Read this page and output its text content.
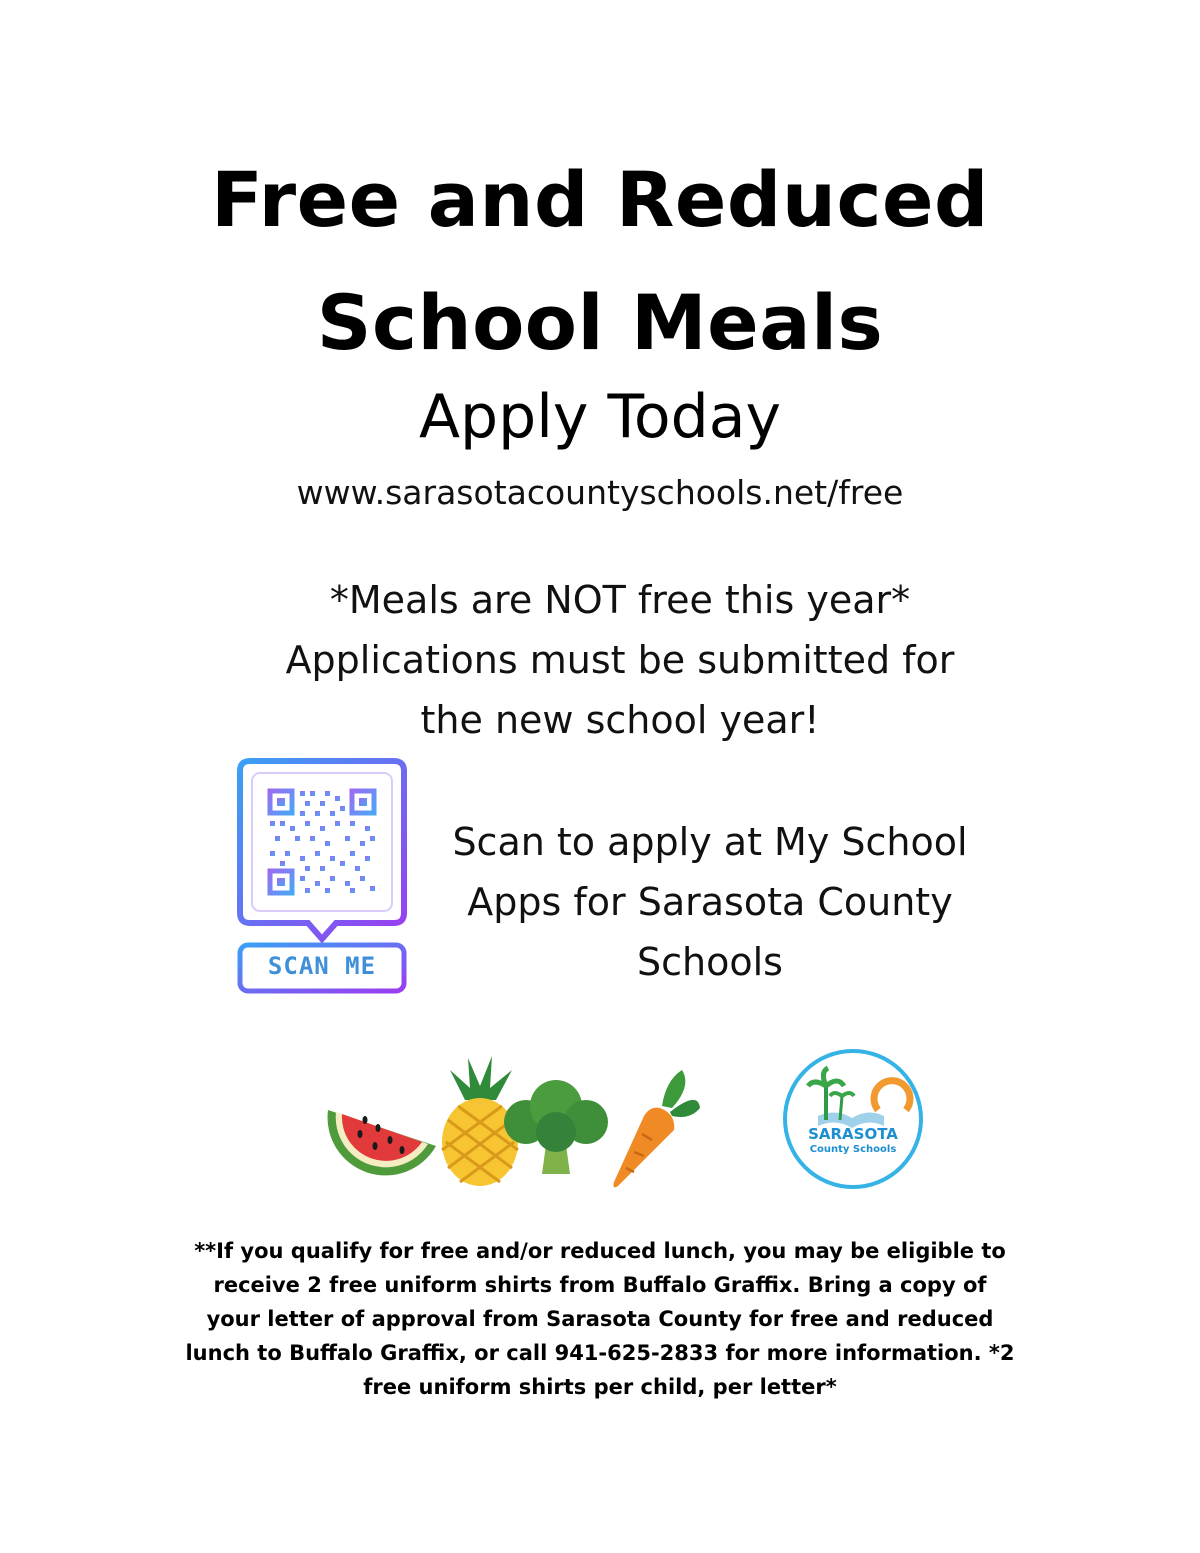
Free and Reduced
School Meals
Apply Today
www.sarasotacountyschools.net/free
*Meals are NOT free this year*
Applications must be submitted for
the new school year!
SCAN ME
Scan to apply at My School
Apps for Sarasota County
Schools
SARASOTA
County Schools
**If you qualify for free and/or reduced lunch, you may be eligible to
receive 2 free uniform shirts from Buffalo Graffix. Bring a copy of
your letter of approval from Sarasota County for free and reduced
lunch to Buffalo Graffix, or call 941-625-2833 for more information. *2
free uniform shirts per child, per letter*
